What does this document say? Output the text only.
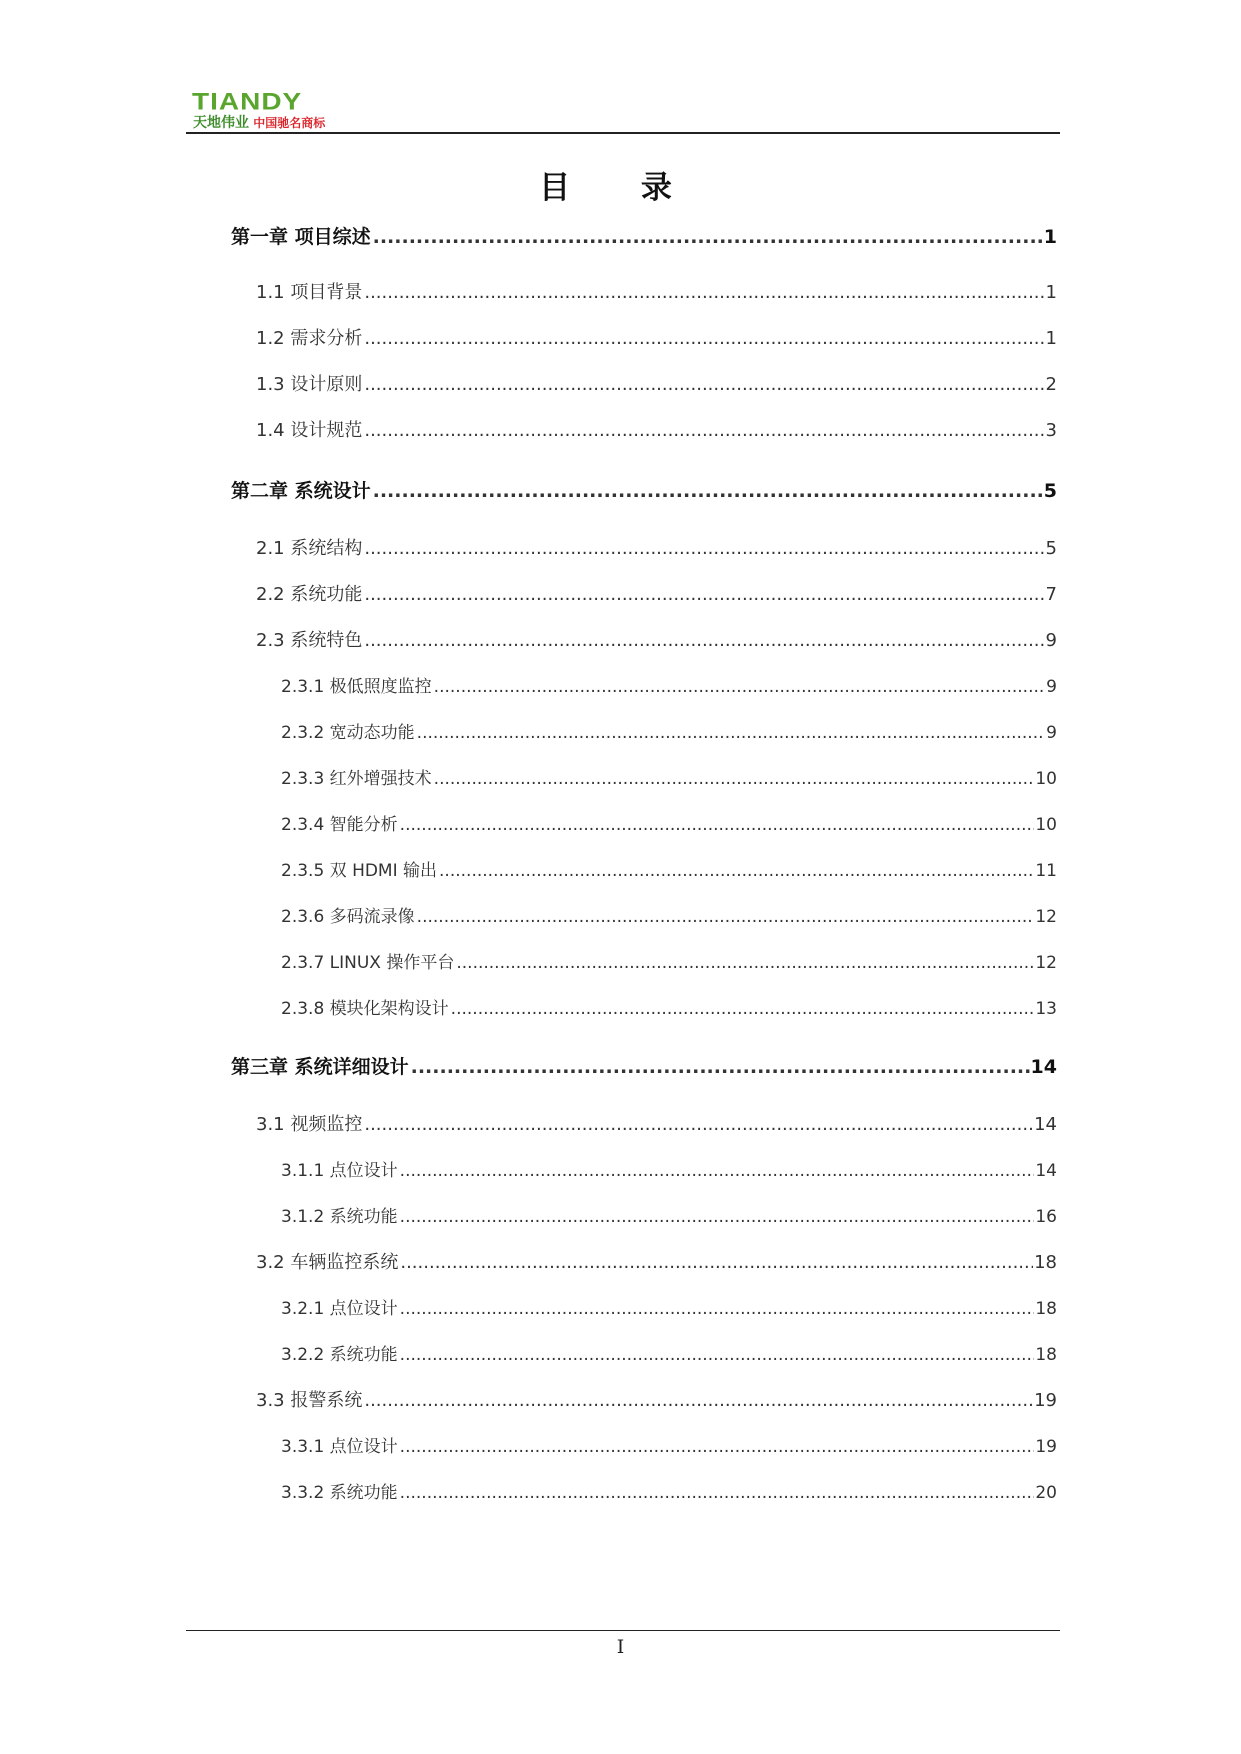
TIANDY
天地伟业 中国驰名商标
目 录
第一章 项目综述 .....	1
1.1 项目背景 .....	1
1.2 需求分析 .....	1
1.3 设计原则 .....	2
1.4 设计规范 .....	3
第二章 系统设计 .....	5
2.1 系统结构 .....	5
2.2 系统功能 .....	7
2.3 系统特色 .....	9
2.3.1 极低照度监控 .....	9
2.3.2 宽动态功能 .....	9
2.3.3 红外增强技术 .....	10
2.3.4 智能分析 .....	10
2.3.5 双 HDMI 输出 .....	11
2.3.6 多码流录像 .....	12
2.3.7 LINUX 操作平台 .....	12
2.3.8 模块化架构设计 .....	13
第三章 系统详细设计 .....	14
3.1 视频监控 .....	14
3.1.1 点位设计 .....	14
3.1.2 系统功能 .....	16
3.2 车辆监控系统 .....	18
3.2.1 点位设计 .....	18
3.2.2 系统功能 .....	18
3.3 报警系统 .....	19
3.3.1 点位设计 .....	19
3.3.2 系统功能 .....	20
I
